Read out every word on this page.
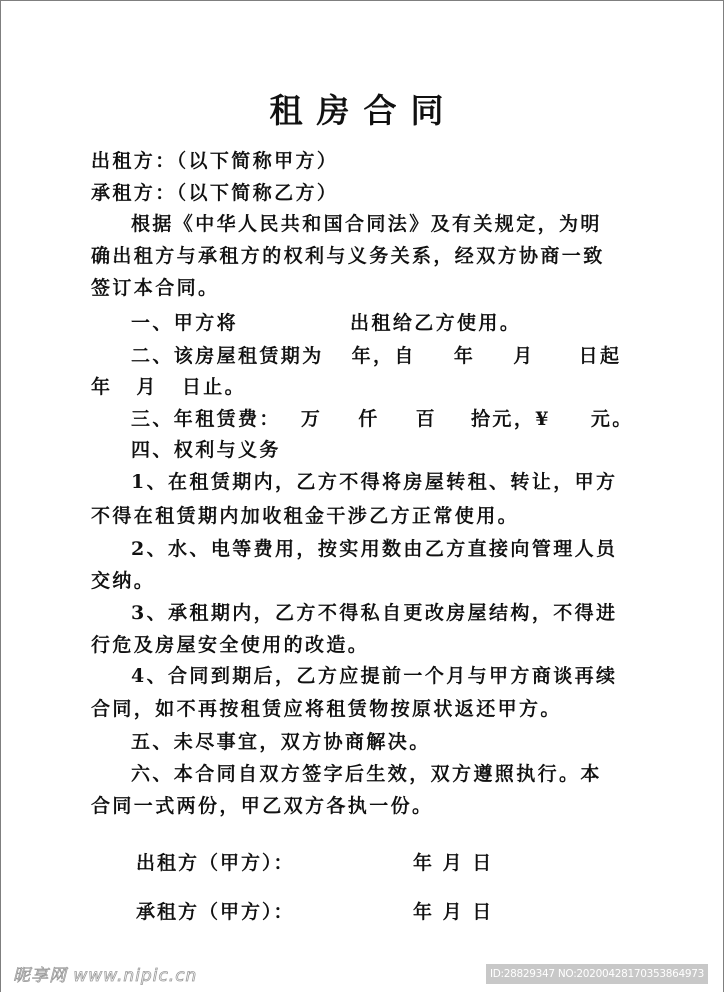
租房合同
出租方：（以下简称甲方）
承租方：（以下简称乙方）
根据《中华人民共和国合同法》及有关规定，为明
确出租方与承租方的权利与义务关系，经双方协商一致
签订本合同。
一、甲方将	出租给乙方使用。
二、该房屋租赁期为 年，自 年 月 日起
年 月 日止。
三、年租赁费： 万 仟 百 拾元，¥ 元。
四、权利与义务
1、在租赁期内，乙方不得将房屋转租、转让，甲方
不得在租赁期内加收租金干涉乙方正常使用。
2、水、电等费用，按实用数由乙方直接向管理人员
交纳。
3、承租期内，乙方不得私自更改房屋结构，不得进
行危及房屋安全使用的改造。
4、合同到期后，乙方应提前一个月与甲方商谈再续
合同，如不再按租赁应将租赁物按原状返还甲方。
五、未尽事宜，双方协商解决。
六、本合同自双方签字后生效，双方遵照执行。本
合同一式两份，甲乙双方各执一份。
出租方（甲方）：	年 月 日
承租方（甲方）：	年 月 日
昵享网 www.nipic.cn	ID:28829347 NO:20200428170353864973
